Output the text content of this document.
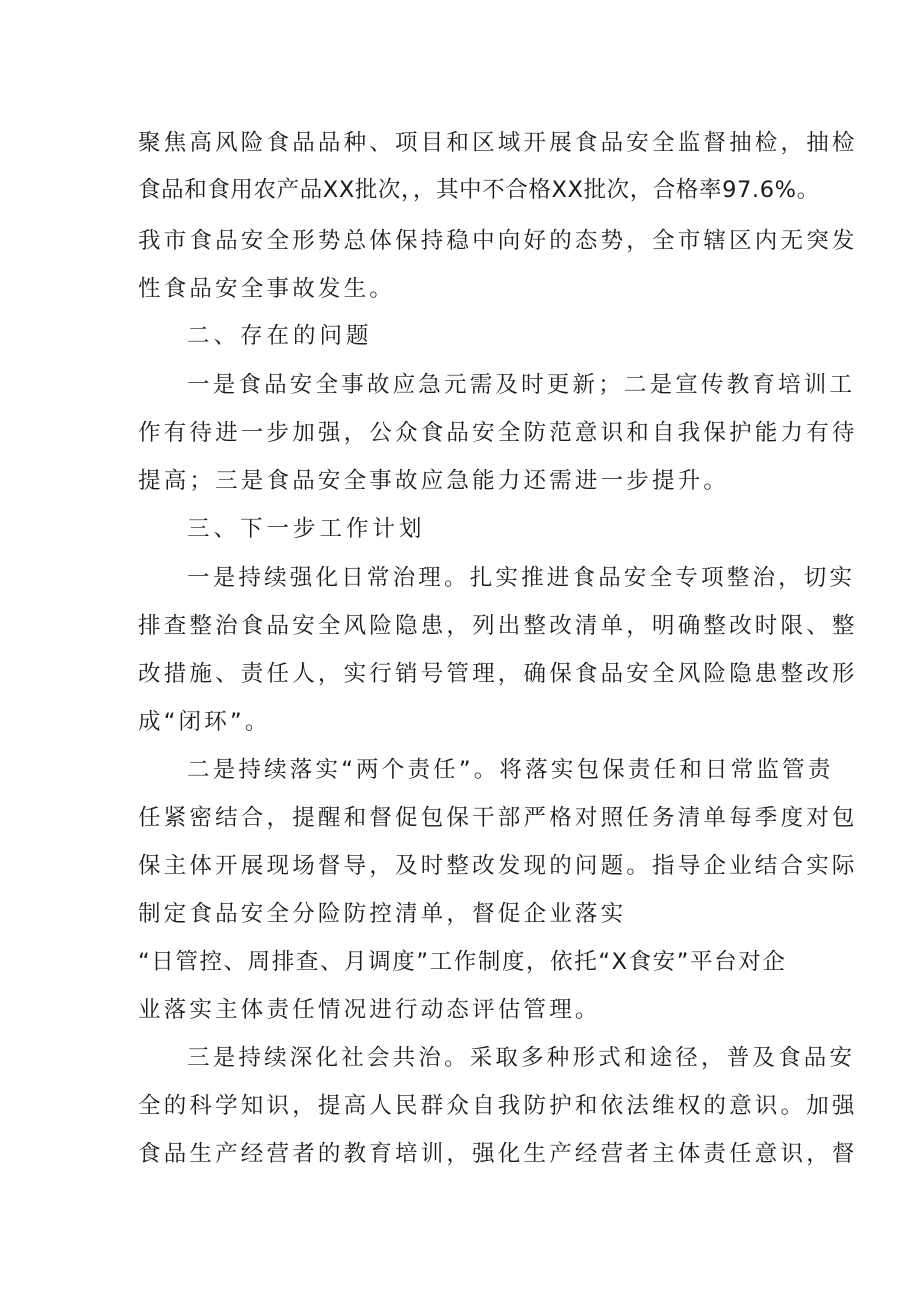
聚焦高风险食品品种、项目和区域开展食品安全监督抽检，抽检
食品和食用农产品XX批次，，其中不合格XX批次，合格率97.6%。
我市食品安全形势总体保持稳中向好的态势，全市辖区内无突发
性食品安全事故发生。
二、存在的问题
一是食品安全事故应急元需及时更新；二是宣传教育培训工
作有待进一步加强，公众食品安全防范意识和自我保护能力有待
提高；三是食品安全事故应急能力还需进一步提升。
三、下一步工作计划
一是持续强化日常治理。扎实推进食品安全专项整治，切实
排查整治食品安全风险隐患，列出整改清单，明确整改时限、整
改措施、责任人，实行销号管理，确保食品安全风险隐患整改形
成“闭环”。
二是持续落实“两个责任”。将落实包保责任和日常监管责
任紧密结合，提醒和督促包保干部严格对照任务清单每季度对包
保主体开展现场督导，及时整改发现的问题。指导企业结合实际
制定食品安全分险防控清单，督促企业落实
“日管控、周排查、月调度”工作制度，依托“X食安”平台对企
业落实主体责任情况进行动态评估管理。
三是持续深化社会共治。采取多种形式和途径，普及食品安
全的科学知识，提高人民群众自我防护和依法维权的意识。加强
食品生产经营者的教育培训，强化生产经营者主体责任意识，督
